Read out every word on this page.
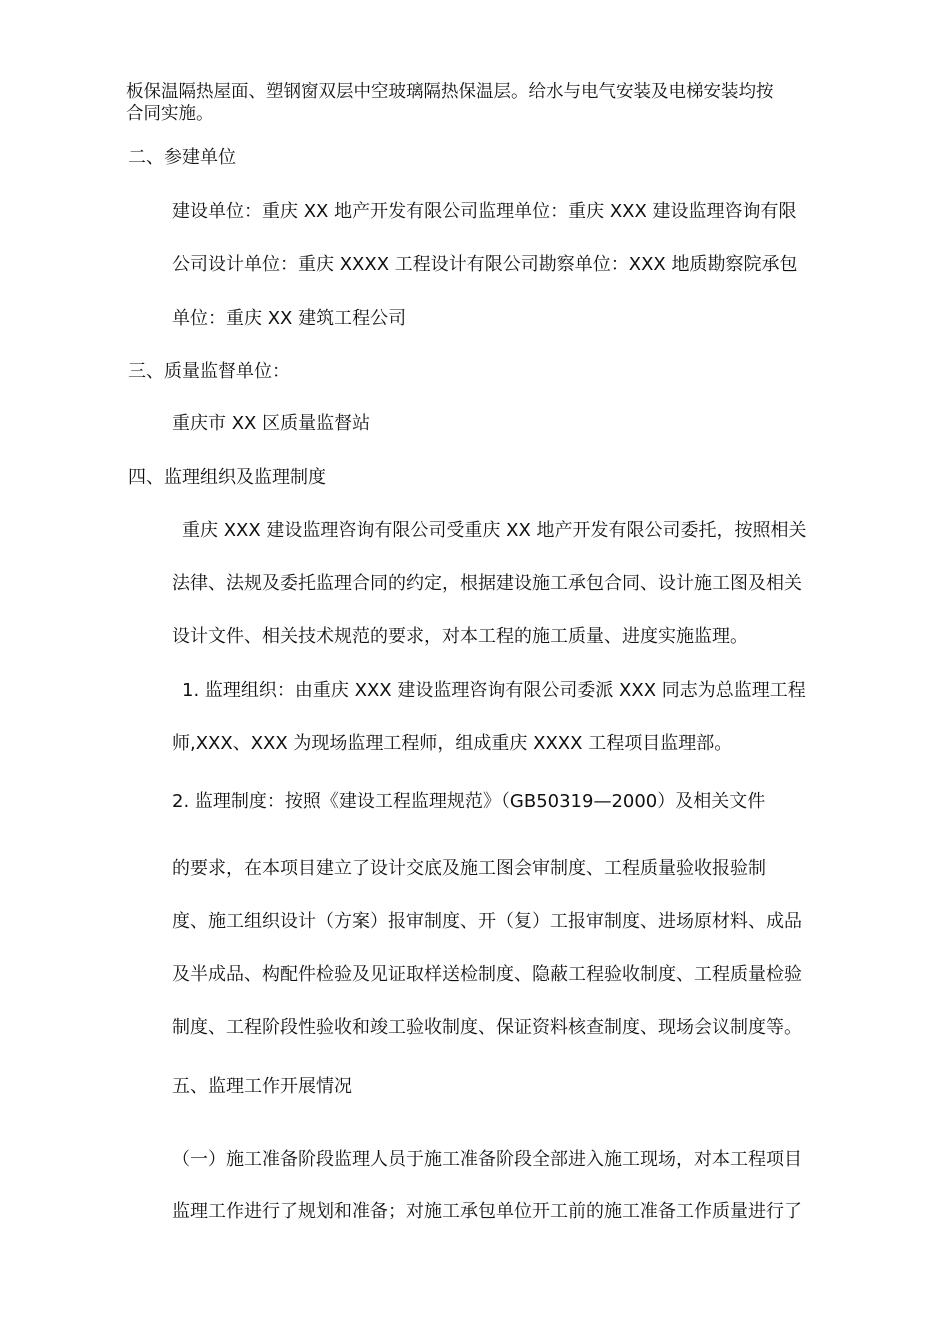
板保温隔热屋面、塑钢窗双层中空玻璃隔热保温层。给水与电气安装及电梯安装均按
合同实施。
二、参建单位
建设单位：重庆 XX 地产开发有限公司监理单位：重庆 XXX 建设监理咨询有限
公司设计单位：重庆 XXXX 工程设计有限公司勘察单位：XXX 地质勘察院承包
单位：重庆 XX 建筑工程公司
三、质量监督单位：
重庆市 XX 区质量监督站
四、监理组织及监理制度
重庆 XXX 建设监理咨询有限公司受重庆 XX 地产开发有限公司委托，按照相关
法律、法规及委托监理合同的约定，根据建设施工承包合同、设计施工图及相关
设计文件、相关技术规范的要求，对本工程的施工质量、进度实施监理。
1. 监理组织：由重庆 XXX 建设监理咨询有限公司委派 XXX 同志为总监理工程
师,XXX、XXX 为现场监理工程师，组成重庆 XXXX 工程项目监理部。
2. 监理制度：按照《建设工程监理规范》（GB50319—2000）及相关文件
的要求，在本项目建立了设计交底及施工图会审制度、工程质量验收报验制
度、施工组织设计（方案）报审制度、开（复）工报审制度、进场原材料、成品
及半成品、构配件检验及见证取样送检制度、隐蔽工程验收制度、工程质量检验
制度、工程阶段性验收和竣工验收制度、保证资料核查制度、现场会议制度等。
五、监理工作开展情况
（一）施工准备阶段监理人员于施工准备阶段全部进入施工现场，对本工程项目
监理工作进行了规划和准备；对施工承包单位开工前的施工准备工作质量进行了
